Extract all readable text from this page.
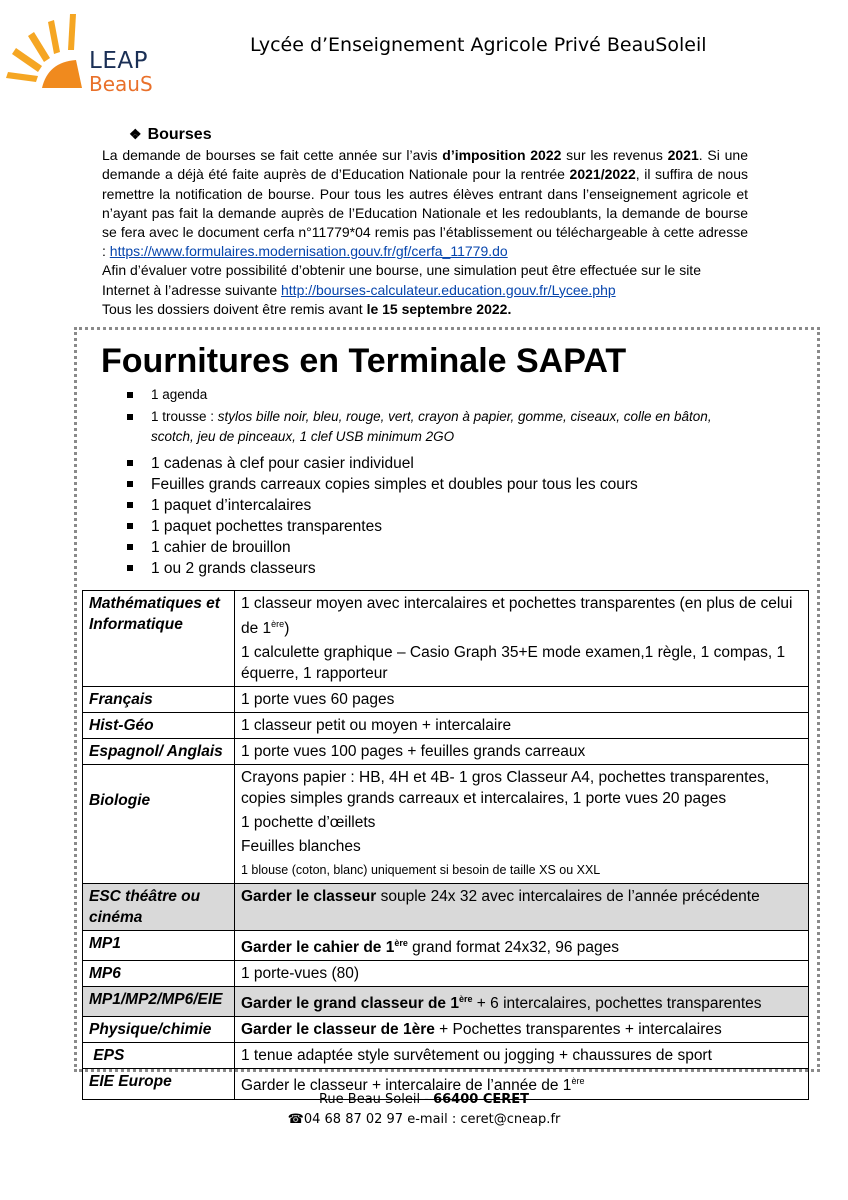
LEAP
BeauS
Lycée d’Enseignement Agricole Privé BeauSoleil
❖ Bourses
La demande de bourses se fait cette année sur l’avis d’imposition 2022 sur les revenus 2021. Si une demande a déjà été faite auprès de d’Education Nationale pour la rentrée 2021/2022, il suffira de nous remettre la notification de bourse. Pour tous les autres élèves entrant dans l’enseignement agricole et n’ayant pas fait la demande auprès de l’Education Nationale et les redoublants, la demande de bourse se fera avec le document cerfa n°11779*04 remis pas l’établissement ou téléchargeable à cette adresse : https://www.formulaires.modernisation.gouv.fr/gf/cerfa_11779.do
Afin d’évaluer votre possibilité d’obtenir une bourse, une simulation peut être effectuée sur le site Internet à l’adresse suivante http://bourses-calculateur.education.gouv.fr/Lycee.php
Tous les dossiers doivent être remis avant le 15 septembre 2022.
Fournitures en Terminale SAPAT
1 agenda
1 trousse : stylos bille noir, bleu, rouge, vert, crayon à papier, gomme, ciseaux, colle en bâton, scotch, jeu de pinceaux, 1 clef USB minimum 2GO
1 cadenas à clef pour casier individuel
Feuilles grands carreaux copies simples et doubles pour tous les cours
1 paquet d’intercalaires
1 paquet pochettes transparentes
1 cahier de brouillon
1 ou 2 grands classeurs
Mathématiques et Informatique	1 classeur moyen avec intercalaires et pochettes transparentes (en plus de celui de 1ère)
1 calculette graphique – Casio Graph 35+E mode examen,1 règle, 1 compas, 1 équerre, 1 rapporteur

Français	1 porte vues 60 pages
Hist-Géo	1 classeur petit ou moyen + intercalaire
Espagnol/ Anglais	1 porte vues 100 pages + feuilles grands carreaux
Biologie	Crayons papier : HB, 4H et 4B- 1 gros Classeur A4, pochettes transparentes, copies simples grands carreaux et intercalaires, 1 porte vues 20 pages
1 pochette d’œillets
Feuilles blanches
1 blouse (coton, blanc) uniquement si besoin de taille XS ou XXL

ESC théâtre ou cinéma	Garder le classeur souple 24x 32 avec intercalaires de l’année précédente
MP1	Garder le cahier de 1ère grand format 24x32, 96 pages
MP6	1 porte-vues (80)
MP1/MP2/MP6/EIE	Garder le grand classeur de 1ère + 6 intercalaires, pochettes transparentes
Physique/chimie	Garder le classeur de 1ère + Pochettes transparentes + intercalaires
EPS	1 tenue adaptée style survêtement ou jogging + chaussures de sport
EIE Europe	Garder le classeur + intercalaire de l’année de 1ère
Rue Beau Soleil - 66400 CERET
☎04 68 87 02 97 e-mail : ceret@cneap.fr
